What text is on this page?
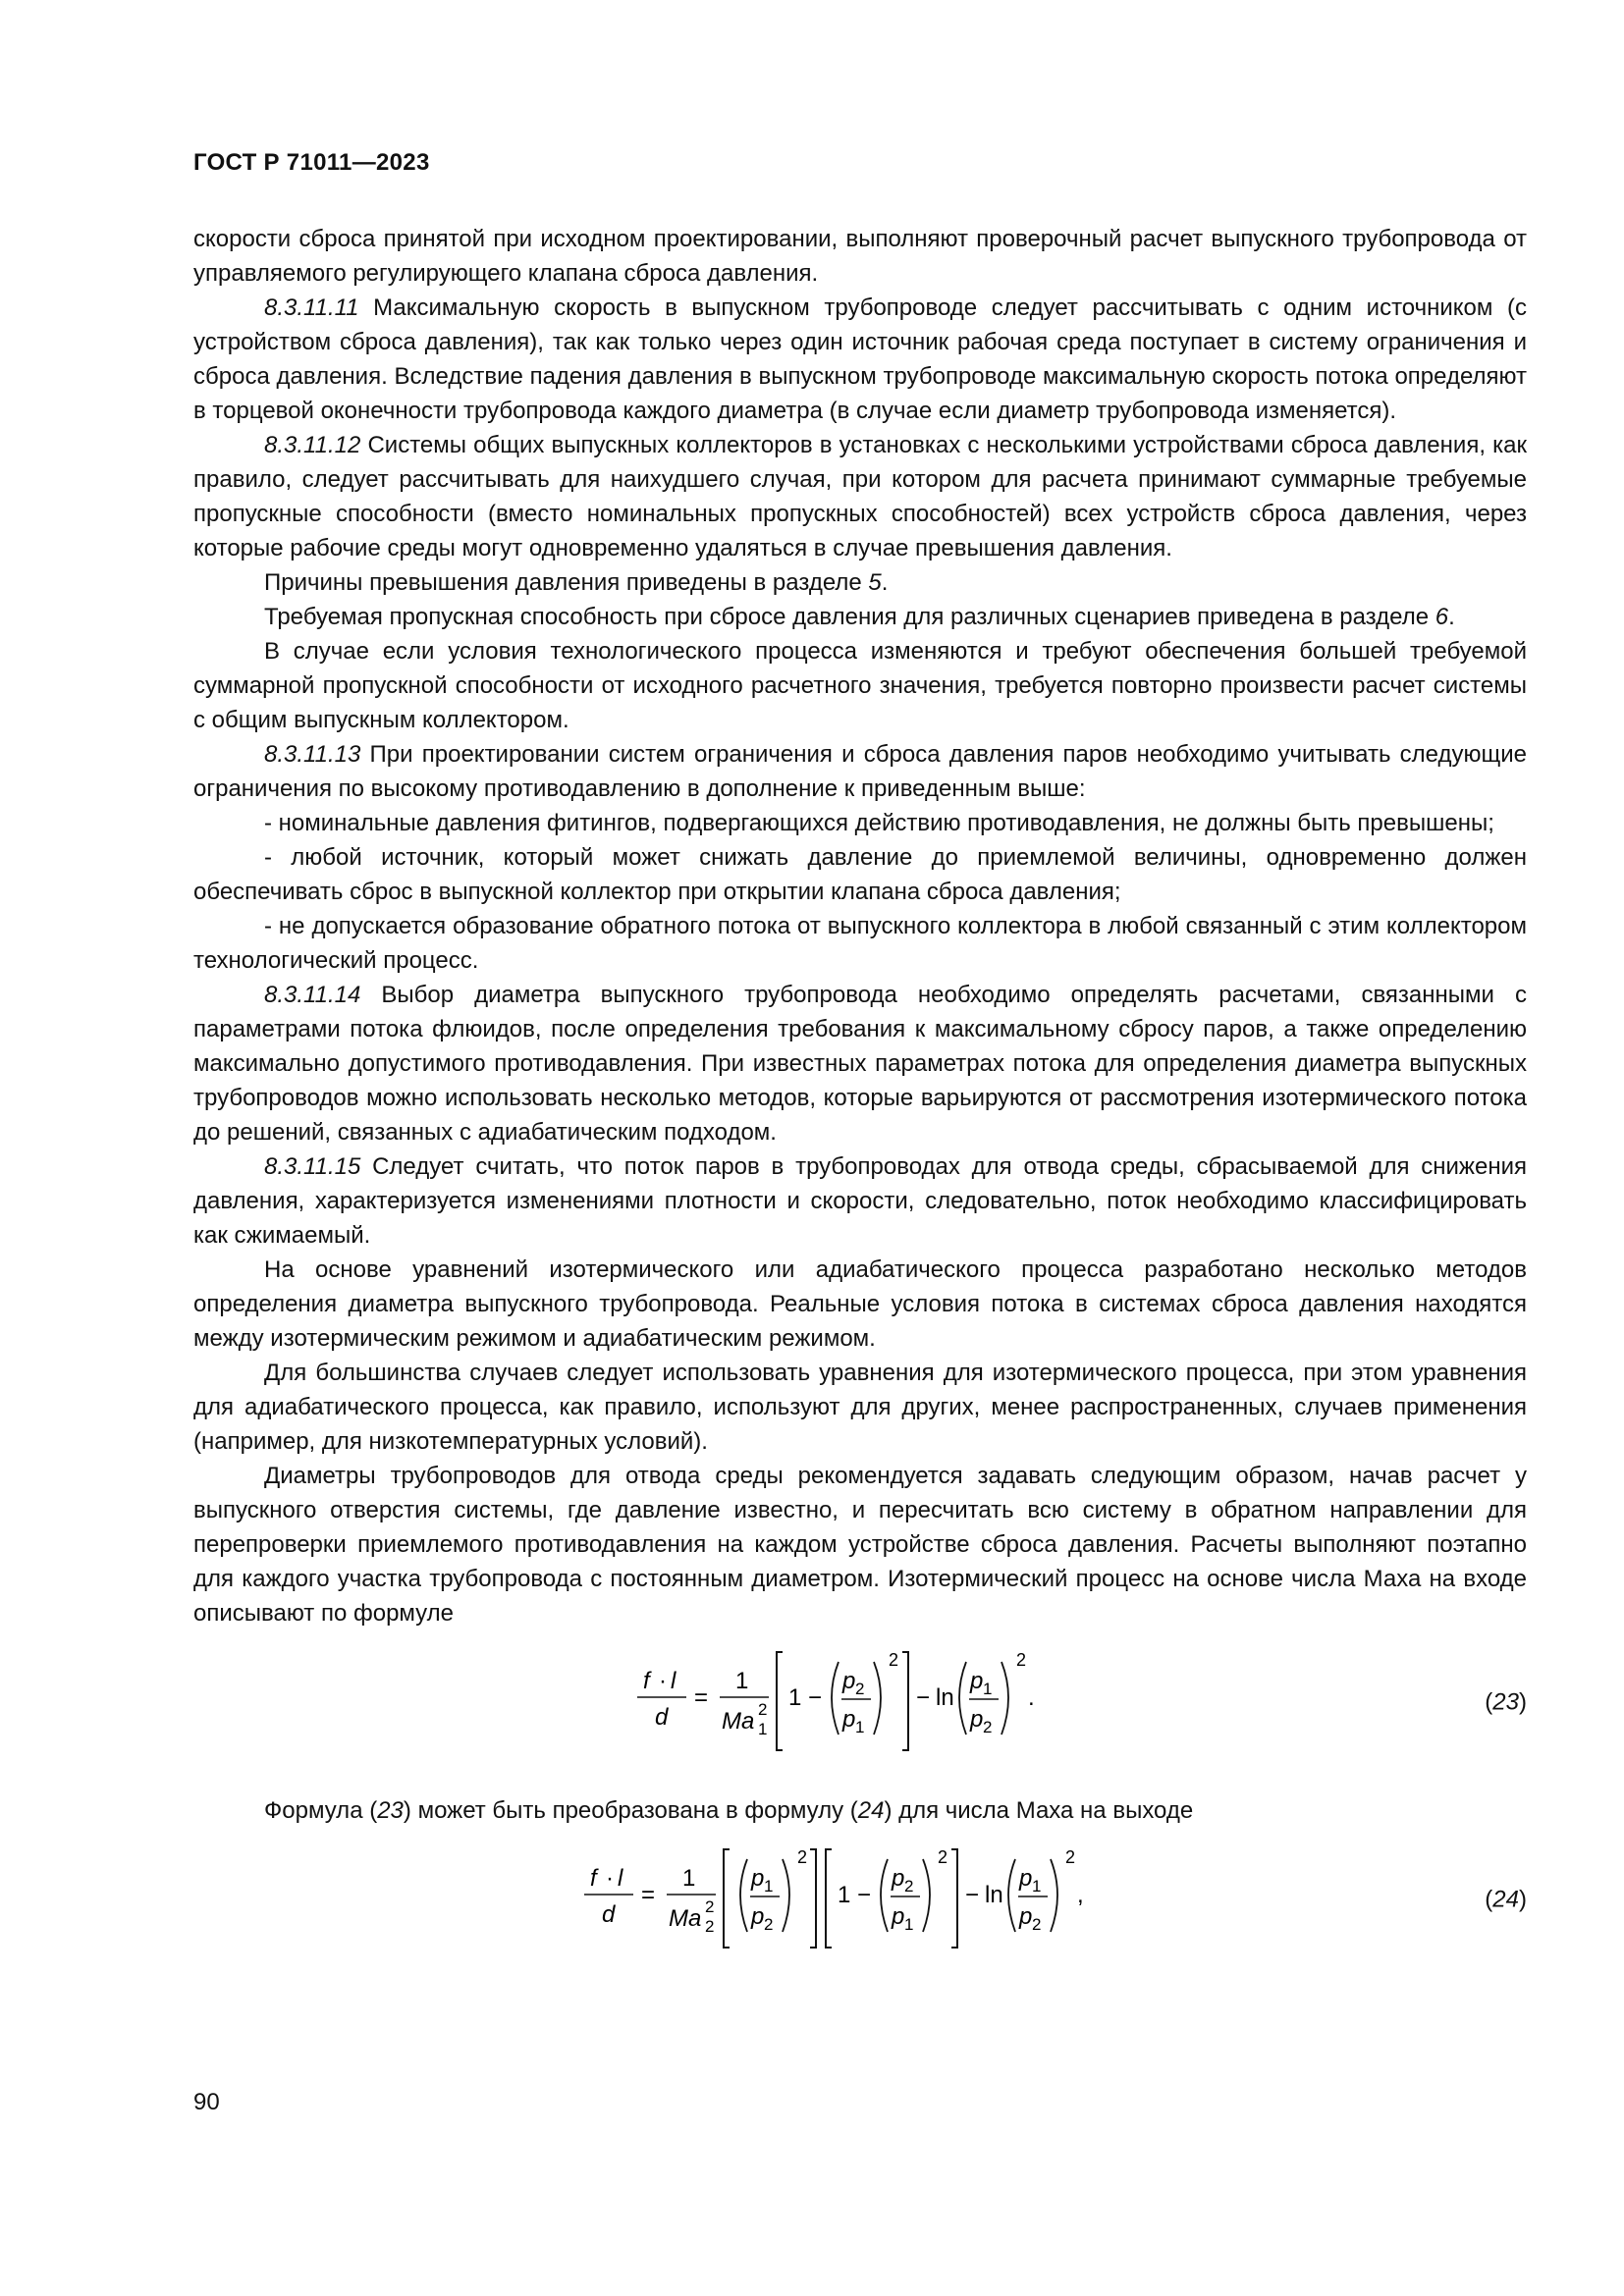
ГОСТ Р 71011—2023

скорости сброса принятой при исходном проектировании, выполняют проверочный расчет выпускного трубопровода от управляемого регулирующего клапана сброса давления.

8.3.11.11 Максимальную скорость в выпускном трубопроводе следует рассчитывать с одним источником (с устройством сброса давления), так как только через один источник рабочая среда поступает в систему ограничения и сброса давления. Вследствие падения давления в выпускном трубопроводе максимальную скорость потока определяют в торцевой оконечности трубопровода каждого диаметра (в случае если диаметр трубопровода изменяется).

8.3.11.12 Системы общих выпускных коллекторов в установках с несколькими устройствами сброса давления, как правило, следует рассчитывать для наихудшего случая, при котором для расчета принимают суммарные требуемые пропускные способности (вместо номинальных пропускных способностей) всех устройств сброса давления, через которые рабочие среды могут одновременно удаляться в случае превышения давления.

Причины превышения давления приведены в разделе 5.

Требуемая пропускная способность при сбросе давления для различных сценариев приведена в разделе 6.

В случае если условия технологического процесса изменяются и требуют обеспечения большей требуемой суммарной пропускной способности от исходного расчетного значения, требуется повторно произвести расчет системы с общим выпускным коллектором.

8.3.11.13 При проектировании систем ограничения и сброса давления паров необходимо учитывать следующие ограничения по высокому противодавлению в дополнение к приведенным выше:

- номинальные давления фитингов, подвергающихся действию противодавления, не должны быть превышены;

- любой источник, который может снижать давление до приемлемой величины, одновременно должен обеспечивать сброс в выпускной коллектор при открытии клапана сброса давления;

- не допускается образование обратного потока от выпускного коллектора в любой связанный с этим коллектором технологический процесс.

8.3.11.14 Выбор диаметра выпускного трубопровода необходимо определять расчетами, связанными с параметрами потока флюидов, после определения требования к максимальному сбросу паров, а также определению максимально допустимого противодавления. При известных параметрах потока для определения диаметра выпускных трубопроводов можно использовать несколько методов, которые варьируются от рассмотрения изотермического потока до решений, связанных с адиабатическим подходом.

8.3.11.15 Следует считать, что поток паров в трубопроводах для отвода среды, сбрасываемой для снижения давления, характеризуется изменениями плотности и скорости, следовательно, поток необходимо классифицировать как сжимаемый.

На основе уравнений изотермического или адиабатического процесса разработано несколько методов определения диаметра выпускного трубопровода. Реальные условия потока в системах сброса давления находятся между изотермическим режимом и адиабатическим режимом.

Для большинства случаев следует использовать уравнения для изотермического процесса, при этом уравнения для адиабатического процесса, как правило, используют для других, менее распространенных, случаев применения (например, для низкотемпературных условий).

Диаметры трубопроводов для отвода среды рекомендуется задавать следующим образом, начав расчет у выпускного отверстия системы, где давление известно, и пересчитать всю систему в обратном направлении для перепроверки приемлемого противодавления на каждом устройстве сброса давления. Расчеты выполняют поэтапно для каждого участка трубопровода с постоянным диаметром. Изотермический процесс на основе числа Маха на входе описывают по формуле

f · l
d
=
1
Ma 1
2 1 −
p 2
p 1
2
− ln
p 1
p 2
2
.	(23)

Формула (23) может быть преобразована в формулу (24) для числа Маха на выходе

f · l
d
=
1
Ma 2
2
p 1
p 2
2
1 −
p 2
p 1
2
− ln
p 1
p 2
2
,	(24)
90
